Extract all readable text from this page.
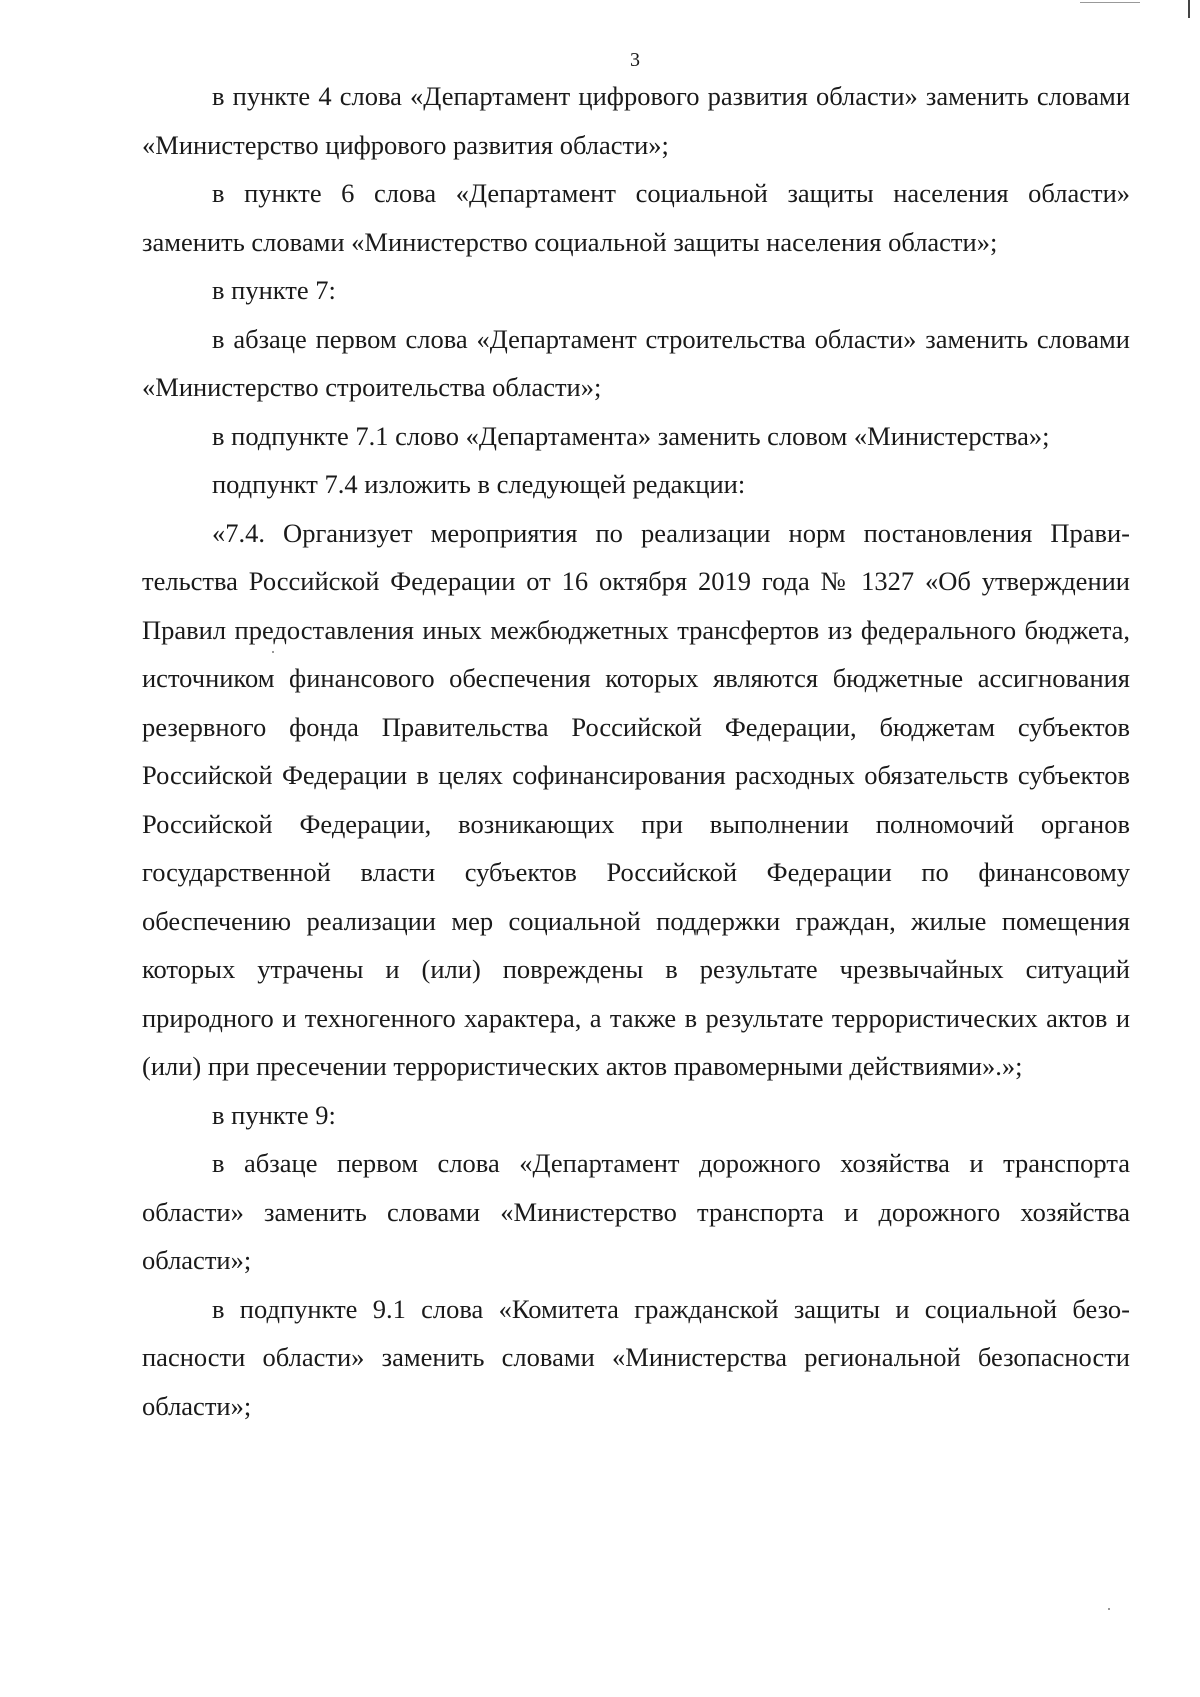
3

в пункте 4 слова «Департамент цифрового развития области» заменить словами «Министерство цифрового развития области»;

в пункте 6 слова «Департамент социальной защиты населения области» заменить словами «Министерство социальной защиты населения области»;

в пункте 7:

в абзаце первом слова «Департамент строительства области» заменить словами «Министерство строительства области»;

в подпункте 7.1 слово «Департамента» заменить словом «Министерства»;

подпункт 7.4 изложить в следующей редакции:

«7.4. Организует мероприятия по реализации норм постановления Правительства Российской Федерации от 16 октября 2019 года № 1327 «Об утверждении Правил предоставления иных межбюджетных трансфертов из федерального бюджета, источником финансового обеспечения которых являются бюджетные ассигнования резервного фонда Правительства Российской Федерации, бюджетам субъектов Российской Федерации в целях софинансирования расходных обязательств субъектов Российской Федерации, возникающих при выполнении полномочий органов государственной власти субъектов Российской Федерации по финансовому обеспечению реализации мер социальной поддержки граждан, жилые помещения которых утрачены и (или) повреждены в результате чрезвычайных ситуаций природного и техногенного характера, а также в результате террористических актов и (или) при пресечении террористических актов правомерными действиями».»;

в пункте 9:

в абзаце первом слова «Департамент дорожного хозяйства и транспорта области» заменить словами «Министерство транспорта и дорожного хозяйства области»;

в подпункте 9.1 слова «Комитета гражданской защиты и социальной безопасности области» заменить словами «Министерства региональной безопасности области»;
